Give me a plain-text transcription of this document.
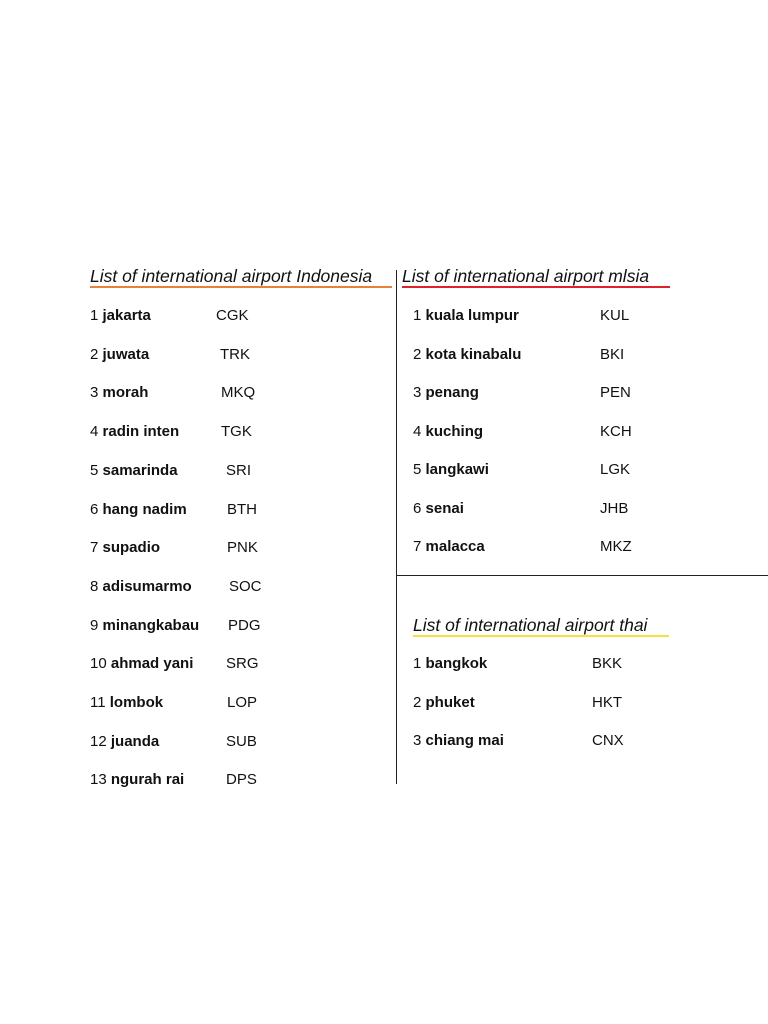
List of international airport Indonesia List of international airport mlsia
List of international airport thai
1 jakarta	CGK
2 juwata	TRK
3 morah	MKQ
4 radin inten	TGK
5 samarinda	SRI
6 hang nadim	BTH
7 supadio	PNK
8 adisumarmo SOC
9 minangkabau PDG
10 ahmad yani SRG
11 lombok	LOP
12 juanda	SUB
13 ngurah rai	DPS
1 kuala lumpur	KUL
2 kota kinabalu	BKI
3 penang	PEN
4 kuching	KCH
5 langkawi	LGK
6 senai	JHB
7 malacca	MKZ
1 bangkok	BKK
2 phuket	HKT
3 chiang mai	CNX
